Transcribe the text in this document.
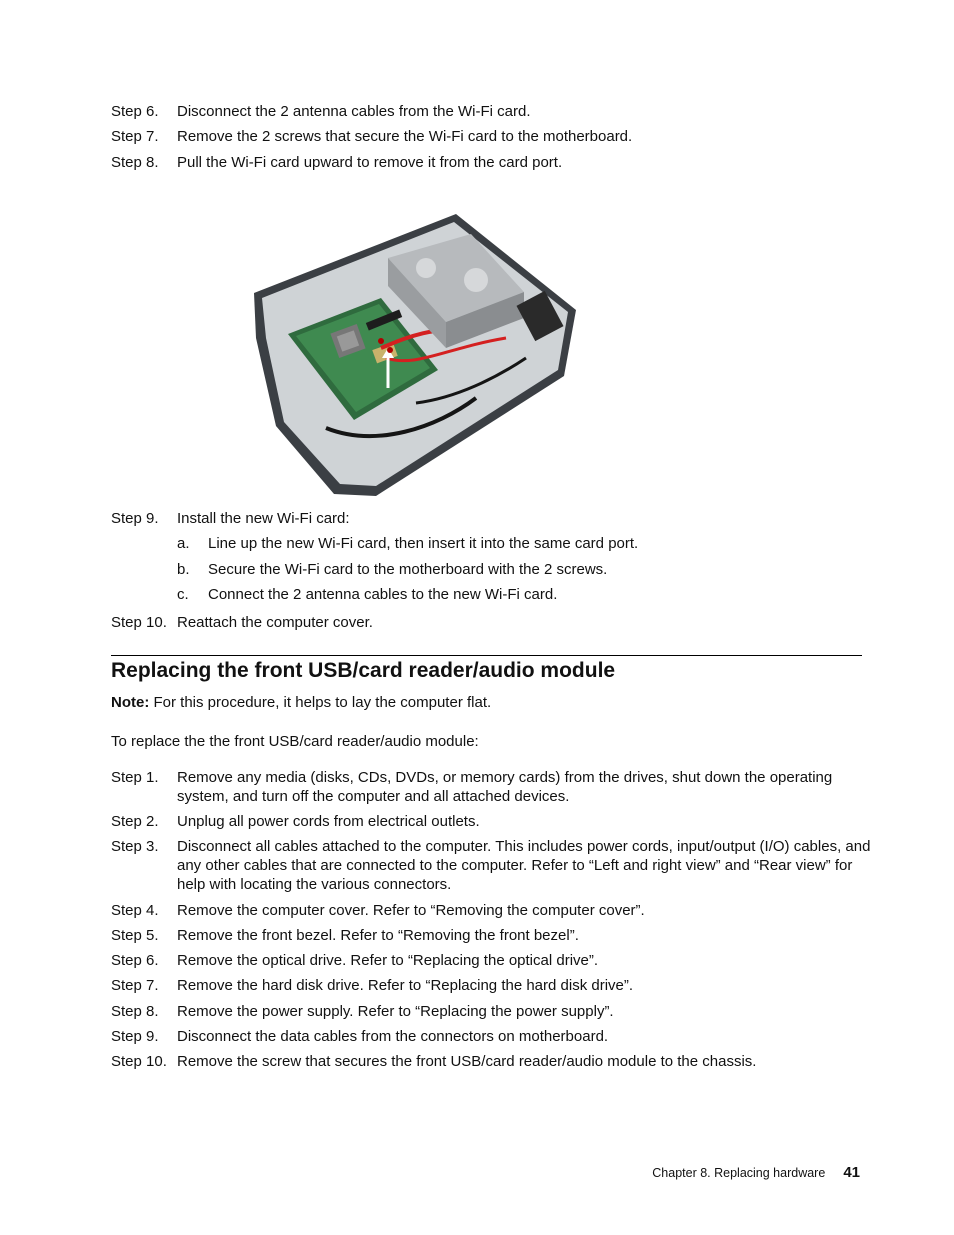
Step 6.	Disconnect the 2 antenna cables from the Wi-Fi card.
Step 7.	Remove the 2 screws that secure the Wi-Fi card to the motherboard.
Step 8.	Pull the Wi-Fi card upward to remove it from the card port.
Step 9.	Install the new Wi-Fi card:
a.	Line up the new Wi-Fi card, then insert it into the same card port.
b.	Secure the Wi-Fi card to the motherboard with the 2 screws.
c.	Connect the 2 antenna cables to the new Wi-Fi card.
Step 10. Reattach the computer cover.
Replacing the front USB/card reader/audio module

Note: For this procedure, it helps to lay the computer flat.

To replace the the front USB/card reader/audio module:

Step 1.	Remove any media (disks, CDs, DVDs, or memory cards) from the drives, shut down the operating system, and turn off the computer and all attached devices.
Step 2.	Unplug all power cords from electrical outlets.
Step 3.	Disconnect all cables attached to the computer. This includes power cords, input/output (I/O) cables, and any other cables that are connected to the computer. Refer to “Left and right view” and “Rear view” for help with locating the various connectors.
Step 4.	Remove the computer cover. Refer to “Removing the computer cover”.
Step 5.	Remove the front bezel. Refer to “Removing the front bezel”.
Step 6.	Remove the optical drive. Refer to “Replacing the optical drive”.
Step 7.	Remove the hard disk drive. Refer to “Replacing the hard disk drive”.
Step 8.	Remove the power supply. Refer to “Replacing the power supply”.
Step 9.	Disconnect the data cables from the connectors on motherboard.
Step 10. Remove the screw that secures the front USB/card reader/audio module to the chassis.
Chapter 8. Replacing hardware 41
